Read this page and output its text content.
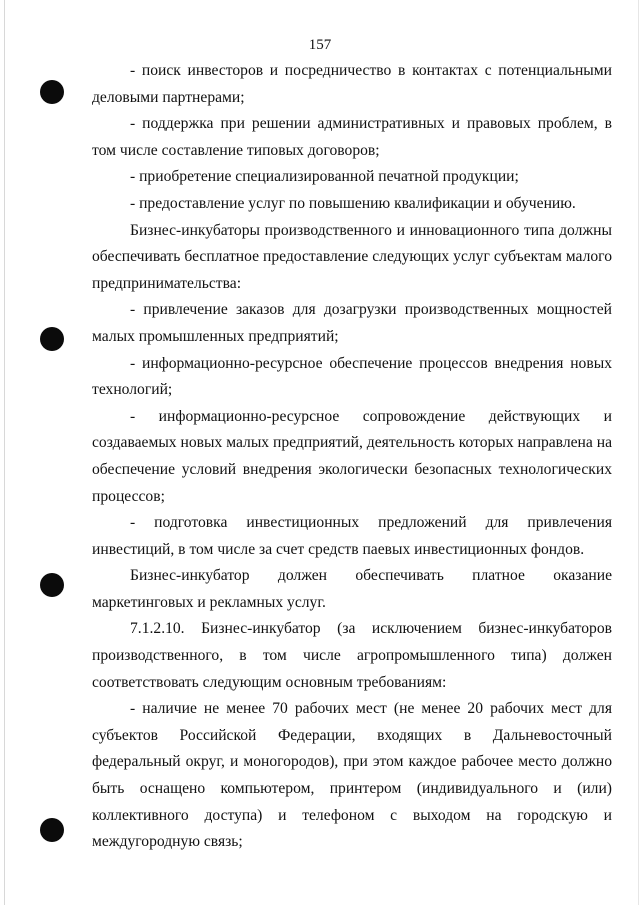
157

- поиск инвесторов и посредничество в контактах с потенциальными деловыми партнерами;

- поддержка при решении административных и правовых проблем, в том числе составление типовых договоров;

- приобретение специализированной печатной продукции;

- предоставление услуг по повышению квалификации и обучению.

Бизнес-инкубаторы производственного и инновационного типа должны обеспечивать бесплатное предоставление следующих услуг субъектам малого предпринимательства:

- привлечение заказов для дозагрузки производственных мощностей малых промышленных предприятий;

- информационно-ресурсное обеспечение процессов внедрения новых технологий;

- информационно-ресурсное сопровождение действующих и создаваемых новых малых предприятий, деятельность которых направлена на обеспечение условий внедрения экологически безопасных технологических процессов;

- подготовка инвестиционных предложений для привлечения инвестиций, в том числе за счет средств паевых инвестиционных фондов.

Бизнес-инкубатор должен обеспечивать платное оказание маркетинговых и рекламных услуг.

7.1.2.10. Бизнес-инкубатор (за исключением бизнес-инкубаторов производственного, в том числе агропромышленного типа) должен соответствовать следующим основным требованиям:

- наличие не менее 70 рабочих мест (не менее 20 рабочих мест для субъектов Российской Федерации, входящих в Дальневосточный федеральный округ, и моногородов), при этом каждое рабочее место должно быть оснащено компьютером, принтером (индивидуального и (или) коллективного доступа) и телефоном с выходом на городскую и междугородную связь;
